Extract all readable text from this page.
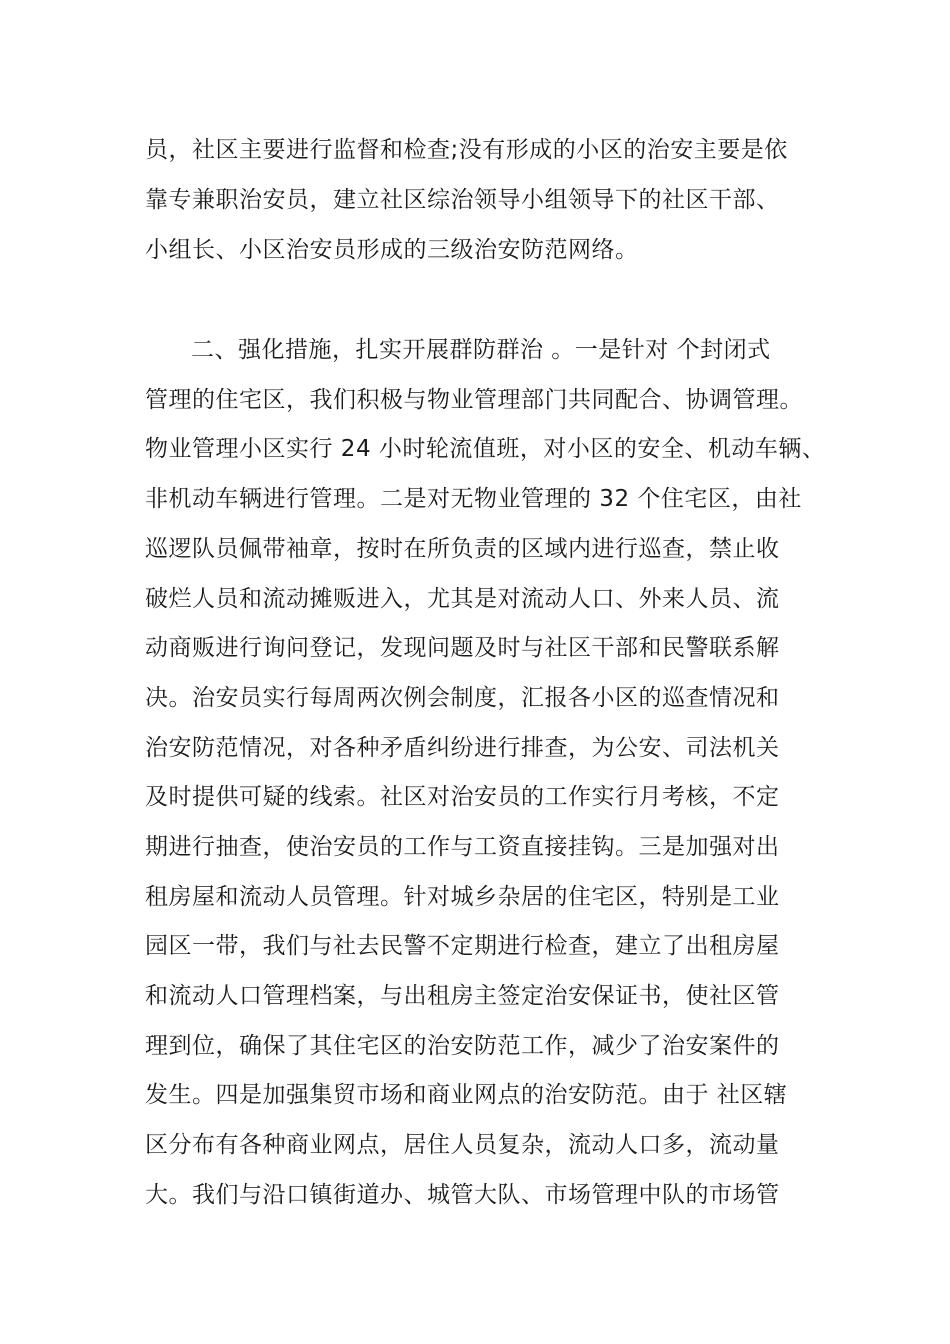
员，社区主要进行监督和检查;没有形成的小区的治安主要是依
靠专兼职治安员，建立社区综治领导小组领导下的社区干部、
小组长、小区治安员形成的三级治安防范网络。
二、强化措施，扎实开展群防群治 。一是针对 个封闭式
管理的住宅区，我们积极与物业管理部门共同配合、协调管理。
物业管理小区实行 24 小时轮流值班，对小区的安全、机动车辆、
非机动车辆进行管理。二是对无物业管理的 32 个住宅区，由社
巡逻队员佩带袖章，按时在所负责的区域内进行巡查，禁止收
破烂人员和流动摊贩进入，尤其是对流动人口、外来人员、流
动商贩进行询问登记，发现问题及时与社区干部和民警联系解
决。治安员实行每周两次例会制度，汇报各小区的巡查情况和
治安防范情况，对各种矛盾纠纷进行排查，为公安、司法机关
及时提供可疑的线索。社区对治安员的工作实行月考核，不定
期进行抽查，使治安员的工作与工资直接挂钩。三是加强对出
租房屋和流动人员管理。针对城乡杂居的住宅区，特别是工业
园区一带，我们与社去民警不定期进行检查，建立了出租房屋
和流动人口管理档案，与出租房主签定治安保证书，使社区管
理到位，确保了其住宅区的治安防范工作，减少了治安案件的
发生。四是加强集贸市场和商业网点的治安防范。由于 社区辖
区分布有各种商业网点，居住人员复杂，流动人口多，流动量
大。我们与沿口镇街道办、城管大队、市场管理中队的市场管
